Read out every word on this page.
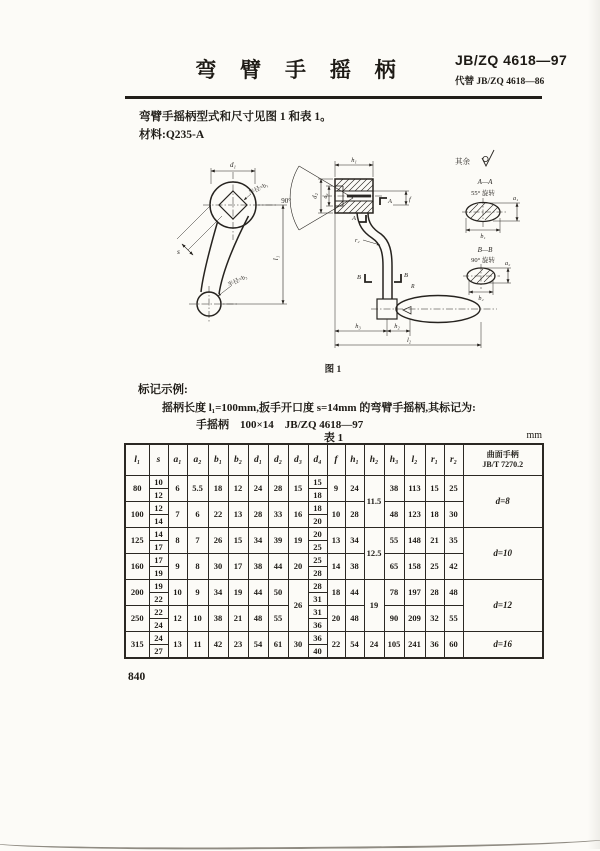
弯 臂 手 摇 柄	JB/ZQ 4618—97
代替 JB/ZQ 4618—86
弯臂手摇柄型式和尺寸见图 1 和表 1。
材料:Q235-A
d₁
l₁
s
半径=b₁
半径=b₂
90°
h₁
d₂ d₄	f
A
A
B	B
r₂
R
h₃	h₂
l₂
其余
A—A
55° 旋转
b₁
a₁
B—B
90° 旋转
b₂
a₂
图 1
标记示例:
摇柄长度 l₁=100mm,扳手开口度 s=14mm 的弯臂手摇柄,其标记为:
手摇柄　100×14　JB/ZQ 4618—97
表 1	mm
l₁	s	a₁	a₂	b₁	b₂	d₁	d₂	d₃	d₄	f	h₁	h₂	h₃	l₂	r₁	r₂	曲面手柄
JB/T 7270.2

80	10	6	5.5	18	12	24	28	15	15	9	24	11.5	38	113	15	25	d=8
	12								18								
100	12	7	6	22	13	28	33	16	18	10	28		48	123	18	30	
	14								20								
125	14	8	7	26	15	34	39	19	20	13	34	12.5	55	148	21	35	d=10
	17								25								
160	17	9	8	30	17	38	44	20	25	14	38		65	158	25	42	
	19								28								
200	19	10	9	34	19	44	50	26	28	18	44	19	78	197	28	48	d=12
	22								31								
250	22	12	10	38	21	48	55		31	20	48		90	209	32	55	
	24								36								
315	24	13	11	42	23	54	61	30	36	22	54	24	105	241	36	60	d=16
	27								40								
840
